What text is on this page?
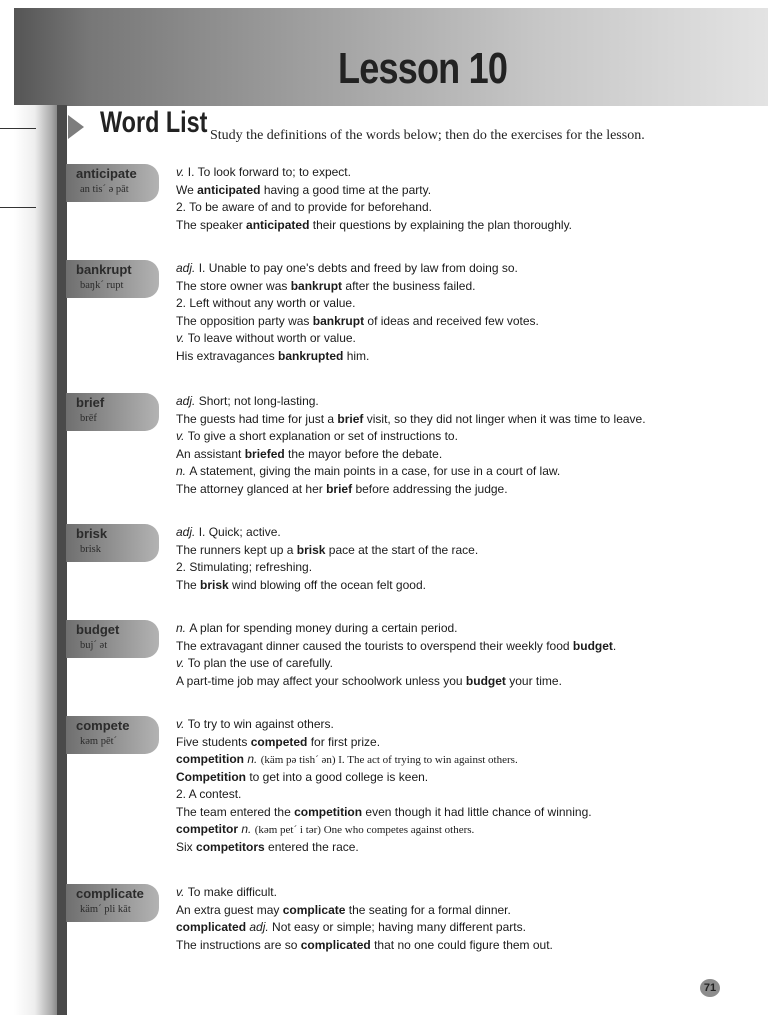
Lesson 10
Word List Study the definitions of the words below; then do the exercises for the lesson.
anticipate
an tis´ ə pāt
v. I. To look forward to; to expect.
We anticipated having a good time at the party.
2. To be aware of and to provide for beforehand.
The speaker anticipated their questions by explaining the plan thoroughly.
bankrupt
baŋk´ rupt
adj. I. Unable to pay one's debts and freed by law from doing so.
The store owner was bankrupt after the business failed.
2. Left without any worth or value.
The opposition party was bankrupt of ideas and received few votes.
v. To leave without worth or value.
His extravagances bankrupted him.
brief
brēf
adj. Short; not long-lasting.
The guests had time for just a brief visit, so they did not linger when it was time to leave.
v. To give a short explanation or set of instructions to.
An assistant briefed the mayor before the debate.
n. A statement, giving the main points in a case, for use in a court of law.
The attorney glanced at her brief before addressing the judge.
brisk
brisk
adj. I. Quick; active.
The runners kept up a brisk pace at the start of the race.
2. Stimulating; refreshing.
The brisk wind blowing off the ocean felt good.
budget
buj´ ət
n. A plan for spending money during a certain period.
The extravagant dinner caused the tourists to overspend their weekly food budget.
v. To plan the use of carefully.
A part-time job may affect your schoolwork unless you budget your time.
compete
kəm pēt´
v. To try to win against others.
Five students competed for first prize.
competition n. (käm pə tish´ ən) I. The act of trying to win against others.
Competition to get into a good college is keen.
2. A contest.
The team entered the competition even though it had little chance of winning.
competitor n. (kəm pet´ i tər) One who competes against others.
Six competitors entered the race.
complicate
käm´ pli kāt
v. To make difficult.
An extra guest may complicate the seating for a formal dinner.
complicated adj. Not easy or simple; having many different parts.
The instructions are so complicated that no one could figure them out.
71
